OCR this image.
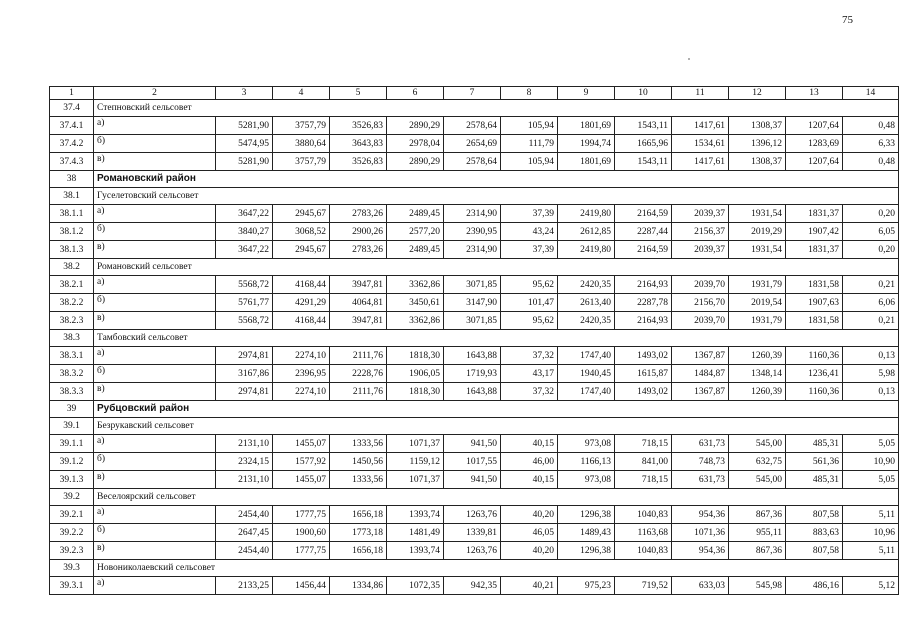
75
1	2	3	4	5	6	7	8	9	10	11	12	13	14
37.4	Степновский сельсовет												
37.4.1	а)	5281,90	3757,79	3526,83	2890,29	2578,64	105,94	1801,69	1543,11	1417,61	1308,37	1207,64	0,48
37.4.2	б)	5474,95	3880,64	3643,83	2978,04	2654,69	111,79	1994,74	1665,96	1534,61	1396,12	1283,69	6,33
37.4.3	в)	5281,90	3757,79	3526,83	2890,29	2578,64	105,94	1801,69	1543,11	1417,61	1308,37	1207,64	0,48
38	Романовский район												
38.1	Гуселетовский сельсовет												
38.1.1	а)	3647,22	2945,67	2783,26	2489,45	2314,90	37,39	2419,80	2164,59	2039,37	1931,54	1831,37	0,20
38.1.2	б)	3840,27	3068,52	2900,26	2577,20	2390,95	43,24	2612,85	2287,44	2156,37	2019,29	1907,42	6,05
38.1.3	в)	3647,22	2945,67	2783,26	2489,45	2314,90	37,39	2419,80	2164,59	2039,37	1931,54	1831,37	0,20
38.2	Романовский сельсовет												
38.2.1	а)	5568,72	4168,44	3947,81	3362,86	3071,85	95,62	2420,35	2164,93	2039,70	1931,79	1831,58	0,21
38.2.2	б)	5761,77	4291,29	4064,81	3450,61	3147,90	101,47	2613,40	2287,78	2156,70	2019,54	1907,63	6,06
38.2.3	в)	5568,72	4168,44	3947,81	3362,86	3071,85	95,62	2420,35	2164,93	2039,70	1931,79	1831,58	0,21
38.3	Тамбовский сельсовет												
38.3.1	а)	2974,81	2274,10	2111,76	1818,30	1643,88	37,32	1747,40	1493,02	1367,87	1260,39	1160,36	0,13
38.3.2	б)	3167,86	2396,95	2228,76	1906,05	1719,93	43,17	1940,45	1615,87	1484,87	1348,14	1236,41	5,98
38.3.3	в)	2974,81	2274,10	2111,76	1818,30	1643,88	37,32	1747,40	1493,02	1367,87	1260,39	1160,36	0,13
39	Рубцовский район												
39.1	Безрукавский сельсовет												
39.1.1	а)	2131,10	1455,07	1333,56	1071,37	941,50	40,15	973,08	718,15	631,73	545,00	485,31	5,05
39.1.2	б)	2324,15	1577,92	1450,56	1159,12	1017,55	46,00	1166,13	841,00	748,73	632,75	561,36	10,90
39.1.3	в)	2131,10	1455,07	1333,56	1071,37	941,50	40,15	973,08	718,15	631,73	545,00	485,31	5,05
39.2	Веселоярский сельсовет												
39.2.1	а)	2454,40	1777,75	1656,18	1393,74	1263,76	40,20	1296,38	1040,83	954,36	867,36	807,58	5,11
39.2.2	б)	2647,45	1900,60	1773,18	1481,49	1339,81	46,05	1489,43	1163,68	1071,36	955,11	883,63	10,96
39.2.3	в)	2454,40	1777,75	1656,18	1393,74	1263,76	40,20	1296,38	1040,83	954,36	867,36	807,58	5,11
39.3	Новониколаевский сельсовет												
39.3.1	а)	2133,25	1456,44	1334,86	1072,35	942,35	40,21	975,23	719,52	633,03	545,98	486,16	5,12
